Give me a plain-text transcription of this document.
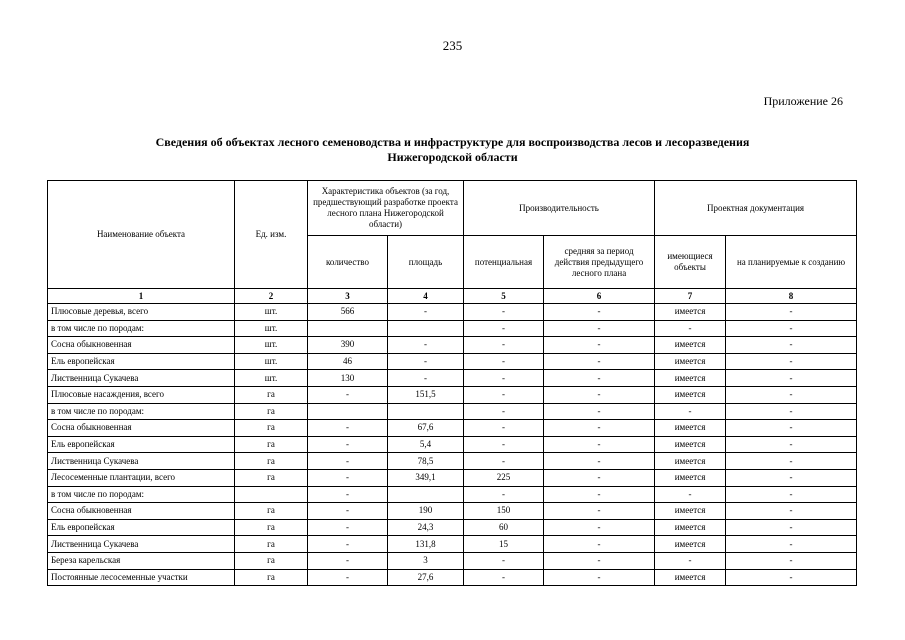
235
Приложение 26
Сведения об объектах лесного семеноводства и инфраструктуре для воспроизводства лесов и лесоразведения
Нижегородской области
Наименование объекта	Ед. изм.	Характеристика объектов (за год, предшествующий разработке проекта лесного плана Нижегородской области)		Производительность		Проектная документация	
		количество	площадь	потенциальная	средняя за период действия предыдущего лесного плана	имеющиеся объекты	на планируемые к созданию
1	2	3	4	5	6	7	8
Плюсовые деревья, всего	шт.	566	-	-	-	имеется	-
в том числе по породам:	шт.			-	-	-	-
Сосна обыкновенная	шт.	390	-	-	-	имеется	-
Ель европейская	шт.	46	-	-	-	имеется	-
Лиственница Сукачева	шт.	130	-	-	-	имеется	-
Плюсовые насаждения, всего	га	-	151,5	-	-	имеется	-
в том числе по породам:	га			-	-	-	-
Сосна обыкновенная	га	-	67,6	-	-	имеется	-
Ель европейская	га	-	5,4	-	-	имеется	-
Лиственница Сукачева	га	-	78,5	-	-	имеется	-
Лесосеменные плантации, всего	га	-	349,1	225	-	имеется	-
в том числе по породам:		-		-	-	-	-
Сосна обыкновенная	га	-	190	150	-	имеется	-
Ель европейская	га	-	24,3	60	-	имеется	-
Лиственница Сукачева	га	-	131,8	15	-	имеется	-
Береза карельская	га	-	3	-	-	-	-
Постоянные лесосеменные участки	га	-	27,6	-	-	имеется	-
